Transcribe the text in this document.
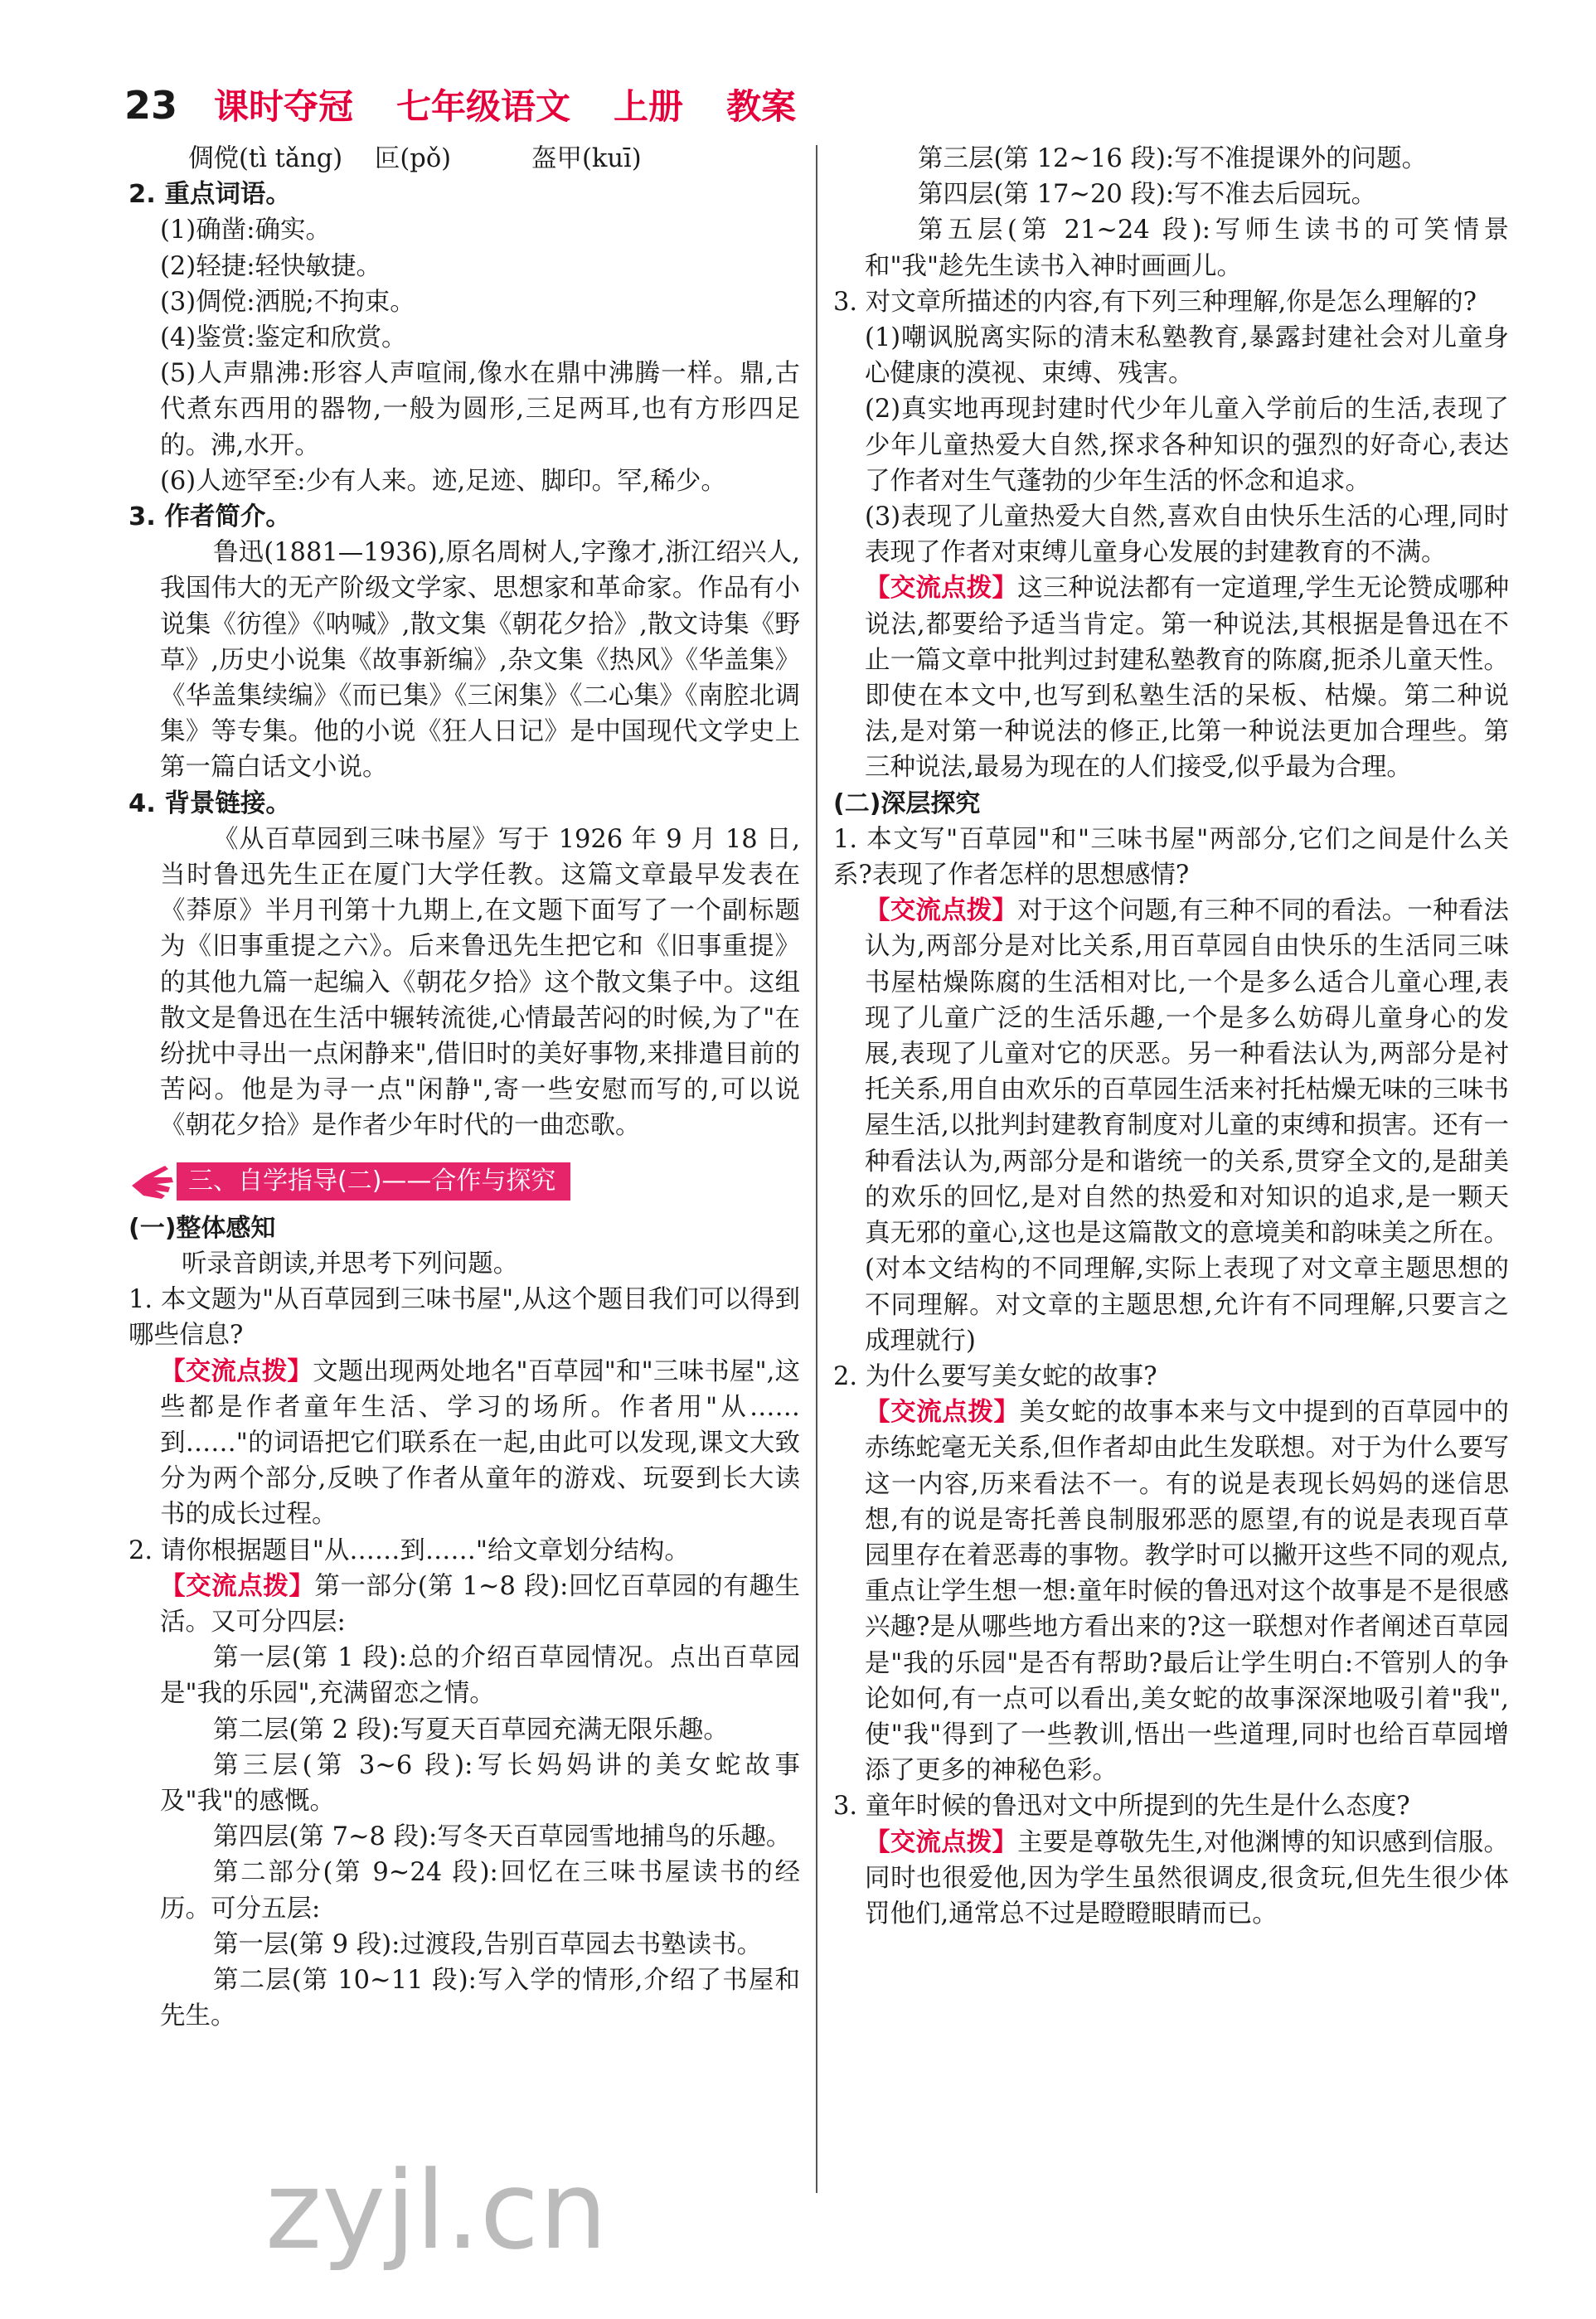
23 课时夺冠 七年级语文 上册 教案
倜傥(tì tǎng)    叵(pǒ)          盔甲(kuī)
2. 重点词语。
(1)确凿:确实。
(2)轻捷:轻快敏捷。
(3)倜傥:洒脱;不拘束。
(4)鉴赏:鉴定和欣赏。

(5)人声鼎沸:形容人声喧闹,像水在鼎中沸腾一样。鼎,古代煮东西用的器物,一般为圆形,三足两耳,也有方形四足的。沸,水开。

(6)人迹罕至:少有人来。迹,足迹、脚印。罕,稀少。
3. 作者简介。

鲁迅(1881—1936),原名周树人,字豫才,浙江绍兴人,我国伟大的无产阶级文学家、思想家和革命家。作品有小说集《彷徨》《呐喊》,散文集《朝花夕拾》,散文诗集《野草》,历史小说集《故事新编》,杂文集《热风》《华盖集》《华盖集续编》《而已集》《三闲集》《二心集》《南腔北调集》等专集。他的小说《狂人日记》是中国现代文学史上第一篇白话文小说。

4. 背景链接。

《从百草园到三味书屋》写于 1926 年 9 月 18 日,当时鲁迅先生正在厦门大学任教。这篇文章最早发表在《莽原》半月刊第十九期上,在文题下面写了一个副标题为《旧事重提之六》。后来鲁迅先生把它和《旧事重提》的其他九篇一起编入《朝花夕拾》这个散文集子中。这组散文是鲁迅在生活中辗转流徙,心情最苦闷的时候,为了"在纷扰中寻出一点闲静来",借旧时的美好事物,来排遣目前的苦闷。他是为寻一点"闲静",寄一些安慰而写的,可以说《朝花夕拾》是作者少年时代的一曲恋歌。

三、自学指导(二)——合作与探究
(一)整体感知

听录音朗读,并思考下列问题。

1. 本文题为"从百草园到三味书屋",从这个题目我们可以得到哪些信息?

【交流点拨】文题出现两处地名"百草园"和"三味书屋",这些都是作者童年生活、学习的场所。作者用"从……到……"的词语把它们联系在一起,由此可以发现,课文大致分为两个部分,反映了作者从童年的游戏、玩耍到长大读书的成长过程。

2. 请你根据题目"从……到……"给文章划分结构。

【交流点拨】第一部分(第 1~8 段):回忆百草园的有趣生活。又可分四层:

第一层(第 1 段):总的介绍百草园情况。点出百草园是"我的乐园",充满留恋之情。

第二层(第 2 段):写夏天百草园充满无限乐趣。

第三层(第 3~6 段):写长妈妈讲的美女蛇故事及"我"的感慨。

第四层(第 7~8 段):写冬天百草园雪地捕鸟的乐趣。

第二部分(第 9~24 段):回忆在三味书屋读书的经历。可分五层:

第一层(第 9 段):过渡段,告别百草园去书塾读书。

第二层(第 10~11 段):写入学的情形,介绍了书屋和先生。

第三层(第 12~16 段):写不准提课外的问题。

第四层(第 17~20 段):写不准去后园玩。

第五层(第 21~24 段):写师生读书的可笑情景和"我"趁先生读书入神时画画儿。

3. 对文章所描述的内容,有下列三种理解,你是怎么理解的?

(1)嘲讽脱离实际的清末私塾教育,暴露封建社会对儿童身心健康的漠视、束缚、残害。

(2)真实地再现封建时代少年儿童入学前后的生活,表现了少年儿童热爱大自然,探求各种知识的强烈的好奇心,表达了作者对生气蓬勃的少年生活的怀念和追求。

(3)表现了儿童热爱大自然,喜欢自由快乐生活的心理,同时表现了作者对束缚儿童身心发展的封建教育的不满。

【交流点拨】这三种说法都有一定道理,学生无论赞成哪种说法,都要给予适当肯定。第一种说法,其根据是鲁迅在不止一篇文章中批判过封建私塾教育的陈腐,扼杀儿童天性。即使在本文中,也写到私塾生活的呆板、枯燥。第二种说法,是对第一种说法的修正,比第一种说法更加合理些。第三种说法,最易为现在的人们接受,似乎最为合理。

(二)深层探究

1. 本文写"百草园"和"三味书屋"两部分,它们之间是什么关系?表现了作者怎样的思想感情?

【交流点拨】对于这个问题,有三种不同的看法。一种看法认为,两部分是对比关系,用百草园自由快乐的生活同三味书屋枯燥陈腐的生活相对比,一个是多么适合儿童心理,表现了儿童广泛的生活乐趣,一个是多么妨碍儿童身心的发展,表现了儿童对它的厌恶。另一种看法认为,两部分是衬托关系,用自由欢乐的百草园生活来衬托枯燥无味的三味书屋生活,以批判封建教育制度对儿童的束缚和损害。还有一种看法认为,两部分是和谐统一的关系,贯穿全文的,是甜美的欢乐的回忆,是对自然的热爱和对知识的追求,是一颗天真无邪的童心,这也是这篇散文的意境美和韵味美之所在。(对本文结构的不同理解,实际上表现了对文章主题思想的不同理解。对文章的主题思想,允许有不同理解,只要言之成理就行)

2. 为什么要写美女蛇的故事?

【交流点拨】美女蛇的故事本来与文中提到的百草园中的赤练蛇毫无关系,但作者却由此生发联想。对于为什么要写这一内容,历来看法不一。有的说是表现长妈妈的迷信思想,有的说是寄托善良制服邪恶的愿望,有的说是表现百草园里存在着恶毒的事物。教学时可以撇开这些不同的观点,重点让学生想一想:童年时候的鲁迅对这个故事是不是很感兴趣?是从哪些地方看出来的?这一联想对作者阐述百草园是"我的乐园"是否有帮助?最后让学生明白:不管别人的争论如何,有一点可以看出,美女蛇的故事深深地吸引着"我",使"我"得到了一些教训,悟出一些道理,同时也给百草园增添了更多的神秘色彩。

3. 童年时候的鲁迅对文中所提到的先生是什么态度?

【交流点拨】主要是尊敬先生,对他渊博的知识感到信服。同时也很爱他,因为学生虽然很调皮,很贪玩,但先生很少体罚他们,通常总不过是瞪瞪眼睛而已。

zyjl.cn
